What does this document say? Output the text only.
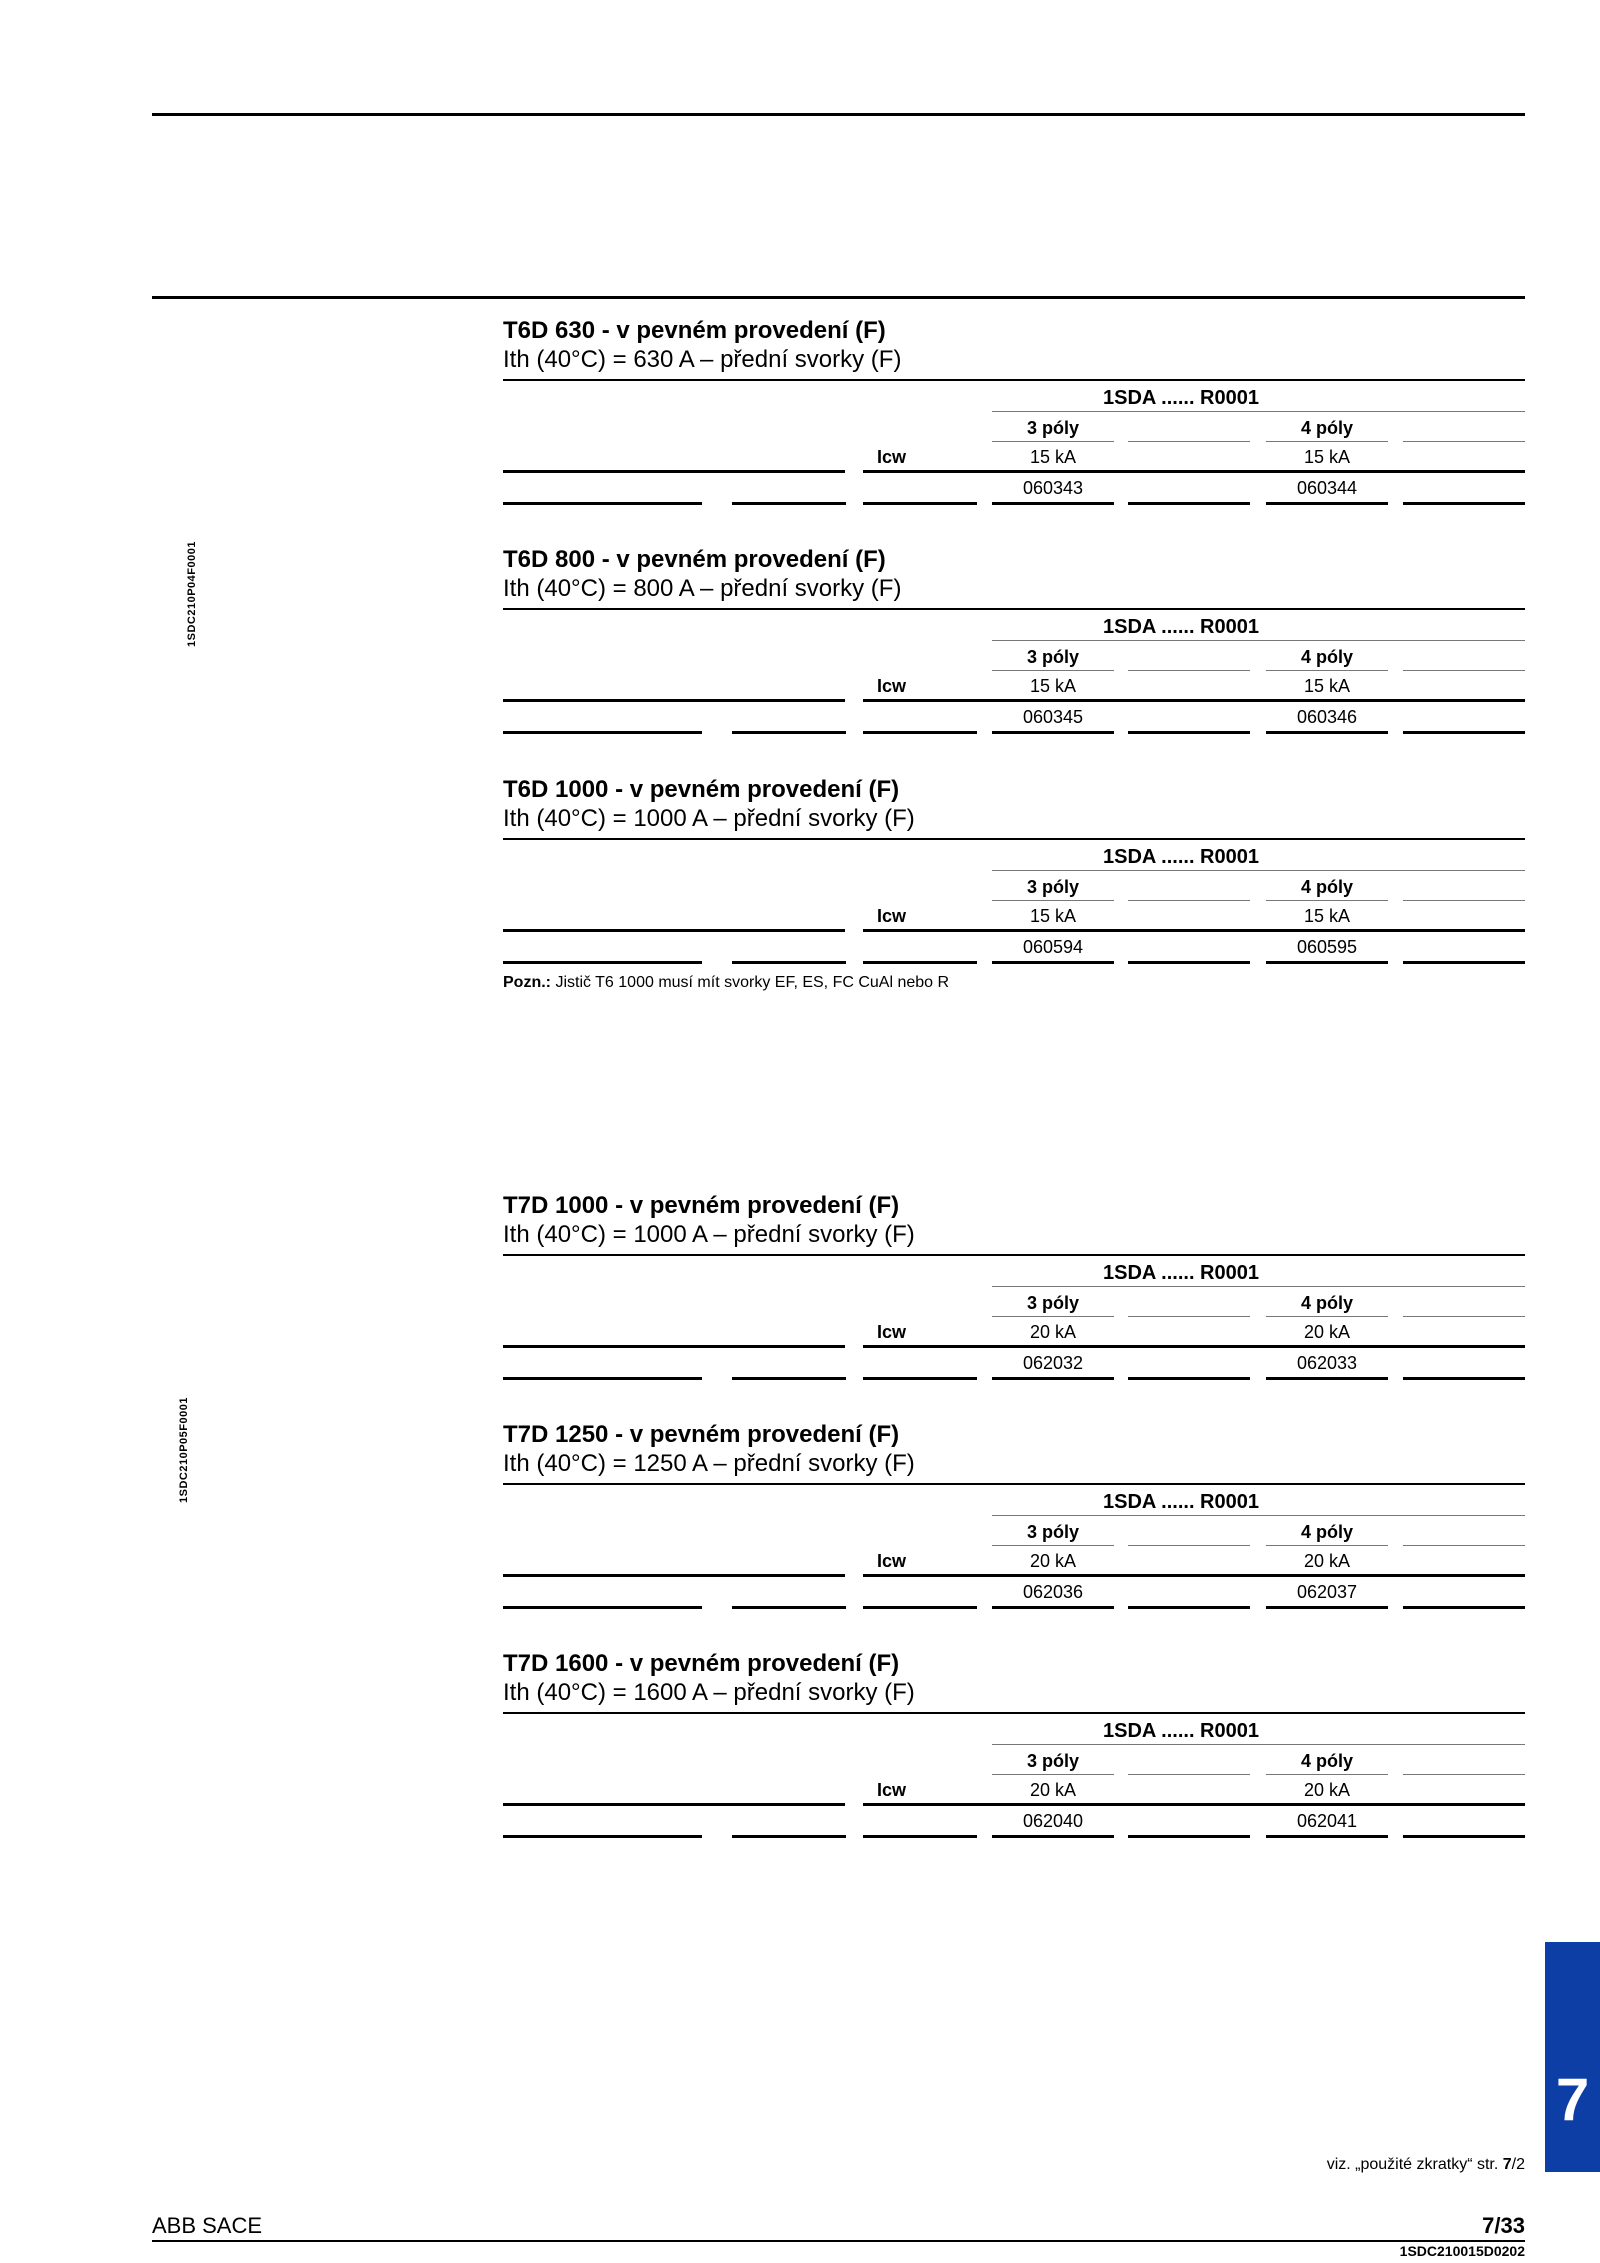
1SDC210P04F0001
1SDC210P05F0001
T6D 630 - v pevném provedení (F)
Ith (40°C) = 630 A – přední svorky (F)
1SDA ...... R0001
3 póly	4 póly
Icw	15 kA	15 kA
060343	060344
T6D 800 - v pevném provedení (F)
Ith (40°C) = 800 A – přední svorky (F)
1SDA ...... R0001
3 póly	4 póly
Icw	15 kA	15 kA
060345	060346
T6D 1000 - v pevném provedení (F)
Ith (40°C) = 1000 A – přední svorky (F)
1SDA ...... R0001
3 póly	4 póly
Icw	15 kA	15 kA
060594	060595
T7D 1000 - v pevném provedení (F)
Ith (40°C) = 1000 A – přední svorky (F)
1SDA ...... R0001
3 póly	4 póly
Icw	20 kA	20 kA
062032	062033
T7D 1250 - v pevném provedení (F)
Ith (40°C) = 1250 A – přední svorky (F)
1SDA ...... R0001
3 póly	4 póly
Icw	20 kA	20 kA
062036	062037
T7D 1600 - v pevném provedení (F)
Ith (40°C) = 1600 A – přední svorky (F)
1SDA ...... R0001
3 póly	4 póly
Icw	20 kA	20 kA
062040	062041
Pozn.: Jistič T6 1000 musí mít svorky EF, ES, FC CuAl nebo R
7
viz. „použité zkratky“ str. 7/2
ABB SACE	7/33
1SDC210015D0202
